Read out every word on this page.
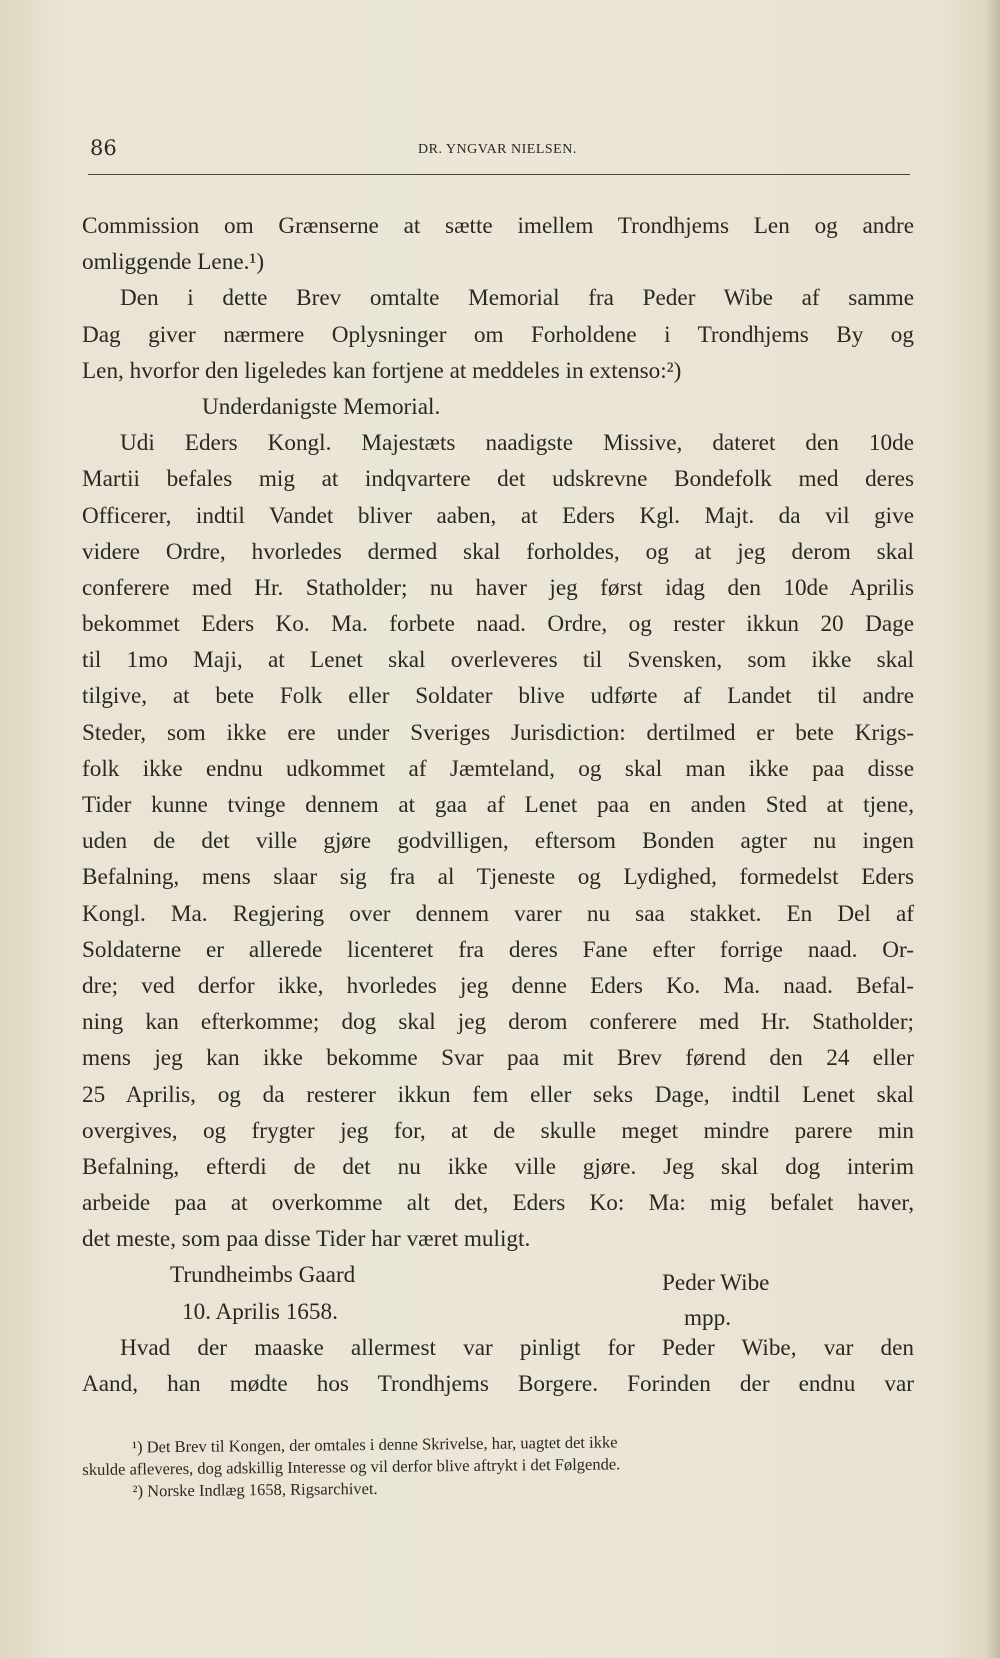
86	DR. YNGVAR NIELSEN.
Commission om Grænserne at sætte imellem Trondhjems Len og andre
omliggende Lene.¹)
Den i dette Brev omtalte Memorial fra Peder Wibe af samme
Dag giver nærmere Oplysninger om Forholdene i Trondhjems By og
Len, hvorfor den ligeledes kan fortjene at meddeles in extenso:²)
Underdanigste Memorial.
Udi Eders Kongl. Majestæts naadigste Missive, dateret den 10de
Martii befales mig at indqvartere det udskrevne Bondefolk med deres
Officerer, indtil Vandet bliver aaben, at Eders Kgl. Majt. da vil give
videre Ordre, hvorledes dermed skal forholdes, og at jeg derom skal
conferere med Hr. Statholder; nu haver jeg først idag den 10de Aprilis
bekommet Eders Ko. Ma. forbete naad. Ordre, og rester ikkun 20 Dage
til 1mo Maji, at Lenet skal overleveres til Svensken, som ikke skal
tilgive, at bete Folk eller Soldater blive udførte af Landet til andre
Steder, som ikke ere under Sveriges Jurisdiction: dertilmed er bete Krigs-
folk ikke endnu udkommet af Jæmteland, og skal man ikke paa disse
Tider kunne tvinge dennem at gaa af Lenet paa en anden Sted at tjene,
uden de det ville gjøre godvilligen, eftersom Bonden agter nu ingen
Befalning, mens slaar sig fra al Tjeneste og Lydighed, formedelst Eders
Kongl. Ma. Regjering over dennem varer nu saa stakket. En Del af
Soldaterne er allerede licenteret fra deres Fane efter forrige naad. Or-
dre; ved derfor ikke, hvorledes jeg denne Eders Ko. Ma. naad. Befal-
ning kan efterkomme; dog skal jeg derom conferere med Hr. Statholder;
mens jeg kan ikke bekomme Svar paa mit Brev førend den 24 eller
25 Aprilis, og da resterer ikkun fem eller seks Dage, indtil Lenet skal
overgives, og frygter jeg for, at de skulle meget mindre parere min
Befalning, efterdi de det nu ikke ville gjøre. Jeg skal dog interim
arbeide paa at overkomme alt det, Eders Ko: Ma: mig befalet haver,
det meste, som paa disse Tider har været muligt.
Trundheimbs Gaard	Peder Wibe
10. Aprilis 1658.	mpp.
Hvad der maaske allermest var pinligt for Peder Wibe, var den
Aand, han mødte hos Trondhjems Borgere. Forinden der endnu var
¹) Det Brev til Kongen, der omtales i denne Skrivelse, har, uagtet det ikke
skulde afleveres, dog adskillig Interesse og vil derfor blive aftrykt i det Følgende.
²) Norske Indlæg 1658, Rigsarchivet.
